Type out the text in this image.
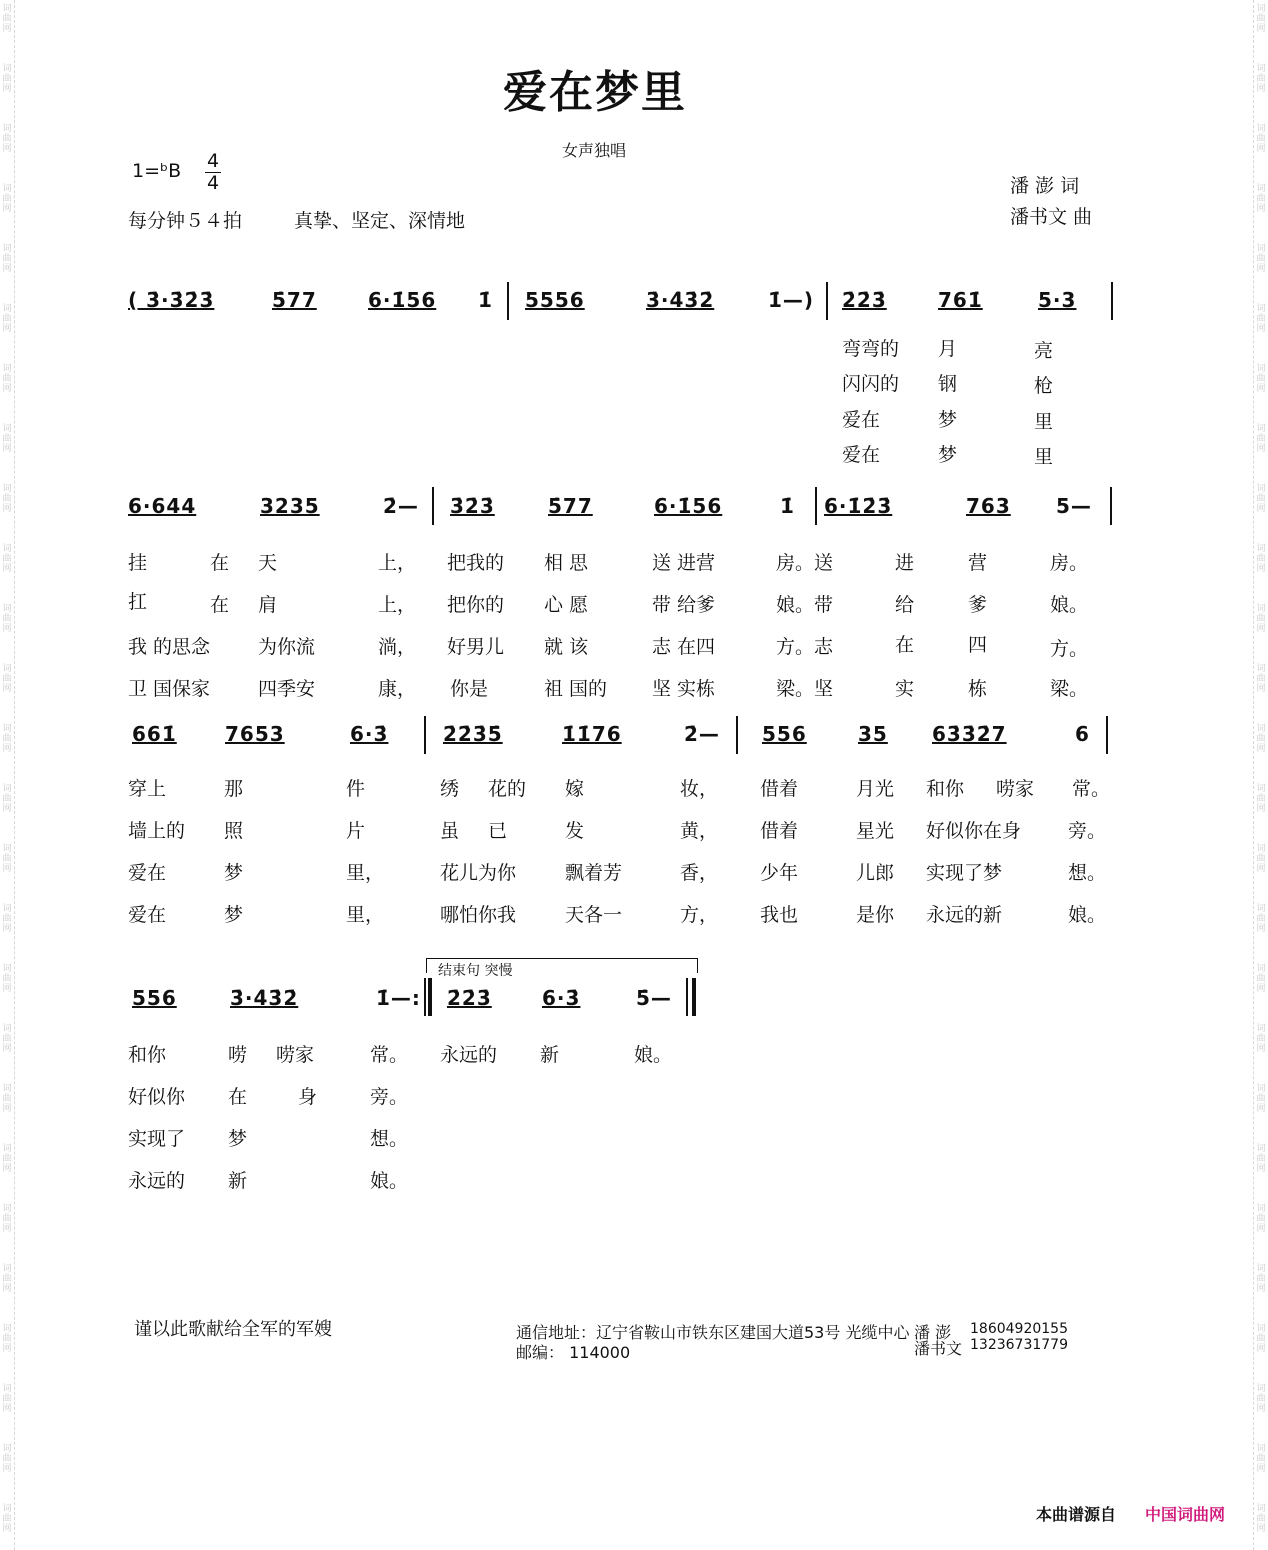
词
曲
网
词
曲
网
词
曲
网
词
曲
网
词
曲
网
词
曲
网
词
曲
网
词
曲
网
词
曲
网
词
曲
网
词
曲
网
词
曲
网
词
曲
网
词
曲
网
词
曲
网
词
曲
网
词
曲
网
词
曲
网
词
曲
网
词
曲
网
词
曲
网
词
曲
网
词
曲
网
词
曲
网
词
曲
网
词
曲
网
词
曲
网
词
曲
网
词
曲
网
词
曲
网
词
曲
网
词
曲
网
词
曲
网
词
曲
网
词
曲
网
词
曲
网
词
曲
网
词
曲
网
词
曲
网
词
曲
网
词
曲
网
词
曲
网
词
曲
网
词
曲
网
词
曲
网
词
曲
网
词
曲
网
词
曲
网
词
曲
网
词
曲
网
词
曲
网
词
曲
网
爱在梦里
女声独唱
1=ᵇB 4
4
每分钟５４拍	真挚、坚定、深情地
潘 澎 词
潘书文 曲
( 3̇·3̇2̇3̇	5̇77	6·1̇56 1̇ 5556	3̇·4̇3̇2̇	1̇—) 2̇2̇3̇	761̇	5·3
弯弯的 月	亮
闪闪的 钢	枪
爱在	梦	里
爱在	梦	里
6·644	3235	2̇— 3̇2̇3̇	5̇77	6·1̇56	1̇ 6·1̇2̇3̇	763 5—
挂	在 天	上， 把我的 相 思	送 进营	房。送	进	营	房。
扛	在 肩	上， 把你的 心 愿	带 给爹	娘。带	给	爹	娘。
我 的思念	为你流	淌， 好男儿 就 该	志 在四	方。志	在	四	方。
卫 国保家	四季安	康， 你是	祖 国的 坚 实栋	梁。坚	实	栋	梁。
661̇ 7653	6·3̇	2̇2̇3̇5̇	1̇1̇76	2̇— 556	35 63̇3̇2̇7	6
穿上	那	件	绣 花的 嫁	妆， 借着	月光 和你 唠家 常。
墙上的 照	片	虽 已	发	黄， 借着	星光 好似你在身 旁。
爱在	梦	里，	花儿为你	飘着芳	香， 少年	儿郎 实现了梦	想。
爱在	梦	里，	哪怕你我	天各一	方， 我也	是你 永远的新	娘。
结束句 突慢
556	3̇·4̇3̇2̇	1̇—: 2̇2̇3̇	6·3̇	5̇—
和你	唠 唠家	常。 永远的 新	娘。
好似你 在	身	旁。
实现了 梦	想。
永远的 新	娘。
谨以此歌献给全军的军嫂	通信地址：辽宁省鞍山市铁东区建国大道53号 光缆中心 潘 澎 18604920155
邮编： 114000	潘书文 13236731779
本曲谱源自 中国词曲网
